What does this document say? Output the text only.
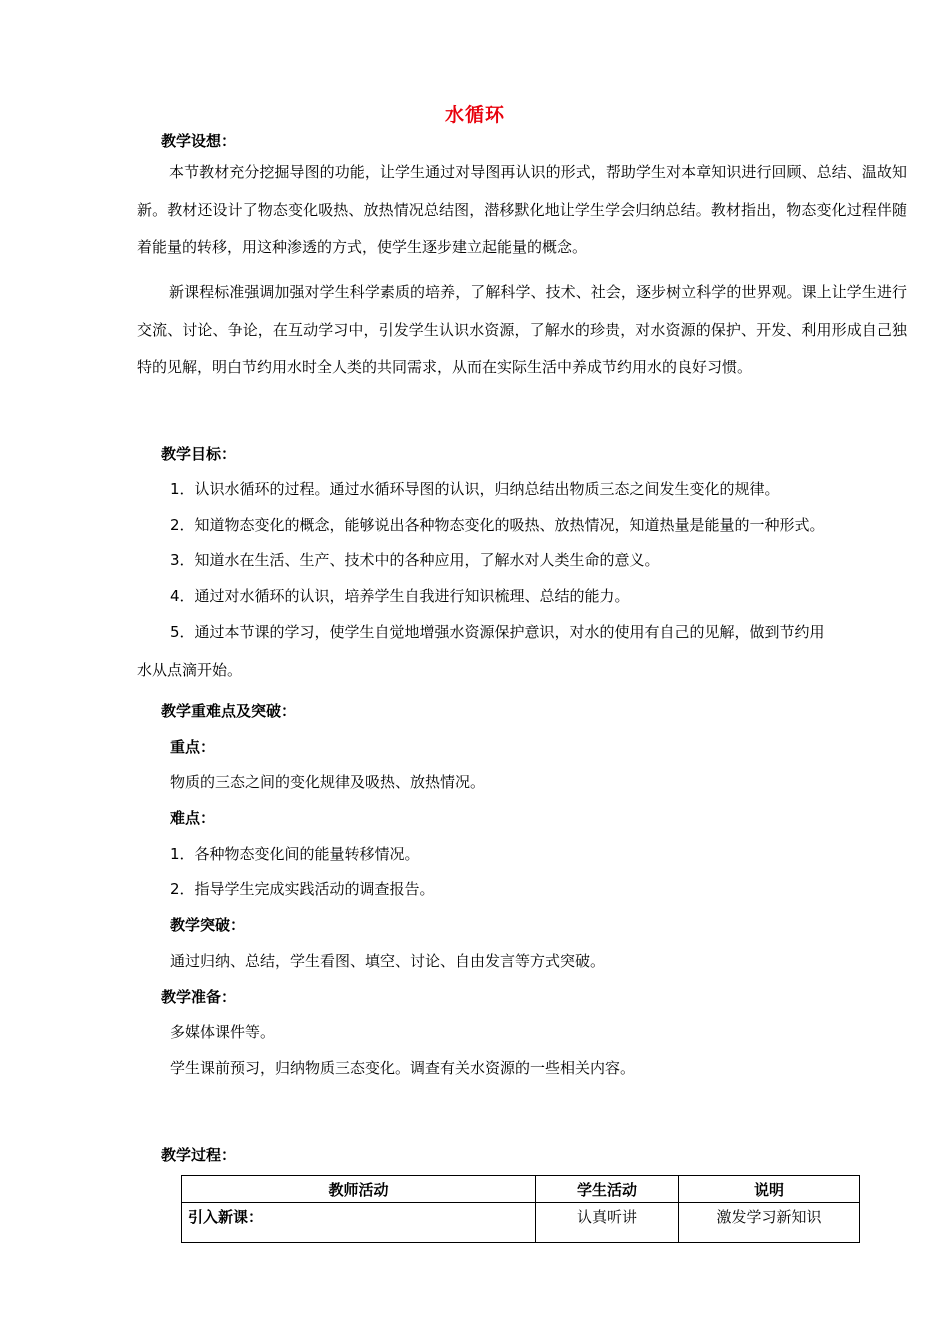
水循环
教学设想：
本节教材充分挖掘导图的功能，让学生通过对导图再认识的形式，帮助学生对本章知识进行回顾、总结、温故知新。教材还设计了物态变化吸热、放热情况总结图，潜移默化地让学生学会归纳总结。教材指出，物态变化过程伴随着能量的转移，用这种渗透的方式，使学生逐步建立起能量的概念。
新课程标准强调加强对学生科学素质的培养，了解科学、技术、社会，逐步树立科学的世界观。课上让学生进行交流、讨论、争论，在互动学习中，引发学生认识水资源，了解水的珍贵，对水资源的保护、开发、利用形成自己独特的见解，明白节约用水时全人类的共同需求，从而在实际生活中养成节约用水的良好习惯。
教学目标：
1．认识水循环的过程。通过水循环导图的认识，归纳总结出物质三态之间发生变化的规律。
2．知道物态变化的概念，能够说出各种物态变化的吸热、放热情况，知道热量是能量的一种形式。
3．知道水在生活、生产、技术中的各种应用，了解水对人类生命的意义。
4．通过对水循环的认识，培养学生自我进行知识梳理、总结的能力。
5．通过本节课的学习，使学生自觉地增强水资源保护意识，对水的使用有自己的见解，做到节约用
水从点滴开始。
教学重难点及突破：
重点：
物质的三态之间的变化规律及吸热、放热情况。
难点：
1．各种物态变化间的能量转移情况。
2．指导学生完成实践活动的调查报告。
教学突破：
通过归纳、总结，学生看图、填空、讨论、自由发言等方式突破。
教学准备：
多媒体课件等。
学生课前预习，归纳物质三态变化。调查有关水资源的一些相关内容。
教学过程：
教师活动	学生活动	说明
引入新课：	认真听讲	激发学习新知识
